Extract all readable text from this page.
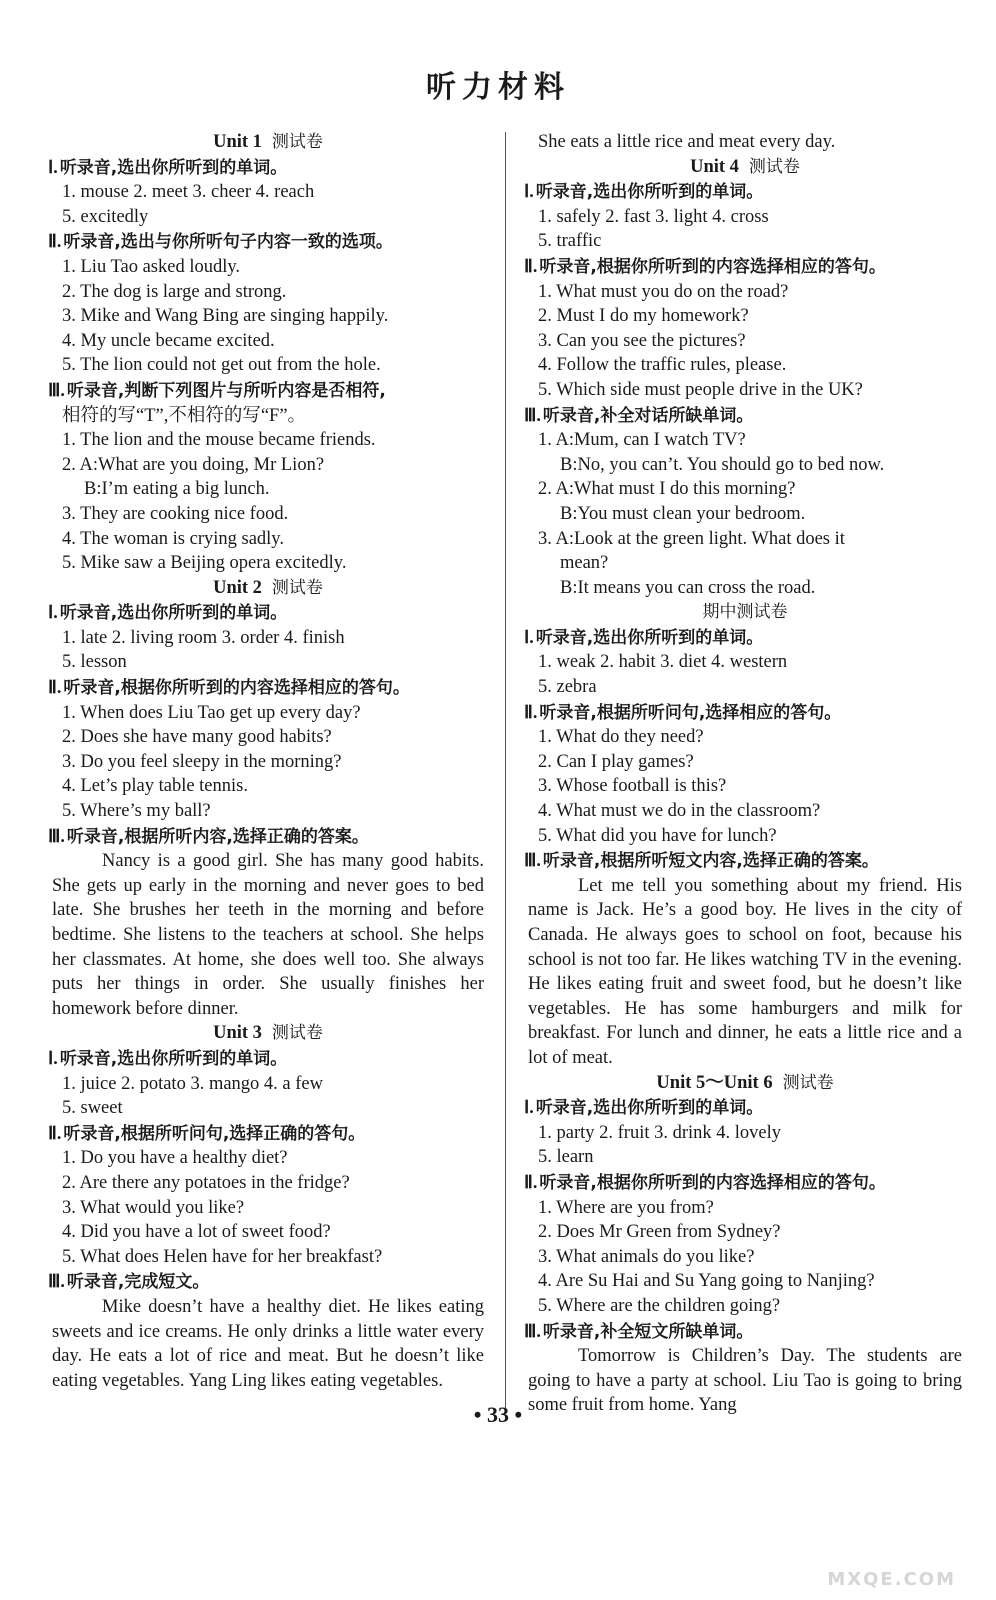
听力材料
Unit 1 测试卷
Ⅰ. 听录音,选出你所听到的单词。
1. mouse 2. meet 3. cheer 4. reach
5. excitedly
Ⅱ. 听录音,选出与你所听句子内容一致的选项。
1. Liu Tao asked loudly.
2. The dog is large and strong.
3. Mike and Wang Bing are singing happily.
4. My uncle became excited.
5. The lion could not get out from the hole.
Ⅲ. 听录音,判断下列图片与所听内容是否相符,
相符的写“T”,不相符的写“F”。
1. The lion and the mouse became friends.
2. A:What are you doing, Mr Lion?
B:I’m eating a big lunch.
3. They are cooking nice food.
4. The woman is crying sadly.
5. Mike saw a Beijing opera excitedly.
Unit 2 测试卷
Ⅰ. 听录音,选出你所听到的单词。
1. late 2. living room 3. order 4. finish
5. lesson
Ⅱ. 听录音,根据你所听到的内容选择相应的答句。
1. When does Liu Tao get up every day?
2. Does she have many good habits?
3. Do you feel sleepy in the morning?
4. Let’s play table tennis.
5. Where’s my ball?
Ⅲ. 听录音,根据所听内容,选择正确的答案。
Nancy is a good girl. She has many good habits. She gets up early in the morning and never goes to bed late. She brushes her teeth in the morning and before bedtime. She listens to the teachers at school. She helps her classmates. At home, she does well too. She always puts her things in order. She usually finishes her homework before dinner.
Unit 3 测试卷
Ⅰ. 听录音,选出你所听到的单词。
1. juice 2. potato 3. mango 4. a few
5. sweet
Ⅱ. 听录音,根据所听问句,选择正确的答句。
1. Do you have a healthy diet?
2. Are there any potatoes in the fridge?
3. What would you like?
4. Did you have a lot of sweet food?
5. What does Helen have for her breakfast?
Ⅲ. 听录音,完成短文。
Mike doesn’t have a healthy diet. He likes eating sweets and ice creams. He only drinks a little water every day. He eats a lot of rice and meat. But he doesn’t like eating vegetables. Yang Ling likes eating vegetables.
She eats a little rice and meat every day.
Unit 4 测试卷
Ⅰ. 听录音,选出你所听到的单词。
1. safely 2. fast 3. light 4. cross
5. traffic
Ⅱ. 听录音,根据你所听到的内容选择相应的答句。
1. What must you do on the road?
2. Must I do my homework?
3. Can you see the pictures?
4. Follow the traffic rules, please.
5. Which side must people drive in the UK?
Ⅲ. 听录音,补全对话所缺单词。
1. A:Mum, can I watch TV?
B:No, you can’t. You should go to bed now.
2. A:What must I do this morning?
B:You must clean your bedroom.
3. A:Look at the green light. What does it
mean?
B:It means you can cross the road.
期中测试卷
Ⅰ. 听录音,选出你所听到的单词。
1. weak 2. habit 3. diet 4. western
5. zebra
Ⅱ. 听录音,根据所听问句,选择相应的答句。
1. What do they need?
2. Can I play games?
3. Whose football is this?
4. What must we do in the classroom?
5. What did you have for lunch?
Ⅲ. 听录音,根据所听短文内容,选择正确的答案。
Let me tell you something about my friend. His name is Jack. He’s a good boy. He lives in the city of Canada. He always goes to school on foot, because his school is not too far. He likes watching TV in the evening. He likes eating fruit and sweet food, but he doesn’t like vegetables. He has some hamburgers and milk for breakfast. For lunch and dinner, he eats a little rice and a lot of meat.
Unit 5～Unit 6 测试卷
Ⅰ. 听录音,选出你所听到的单词。
1. party 2. fruit 3. drink 4. lovely
5. learn
Ⅱ. 听录音,根据你所听到的内容选择相应的答句。
1. Where are you from?
2. Does Mr Green from Sydney?
3. What animals do you like?
4. Are Su Hai and Su Yang going to Nanjing?
5. Where are the children going?
Ⅲ. 听录音,补全短文所缺单词。
Tomorrow is Children’s Day. The students are going to have a party at school. Liu Tao is going to bring some fruit from home. Yang
• 33 •
MXQE.COM
